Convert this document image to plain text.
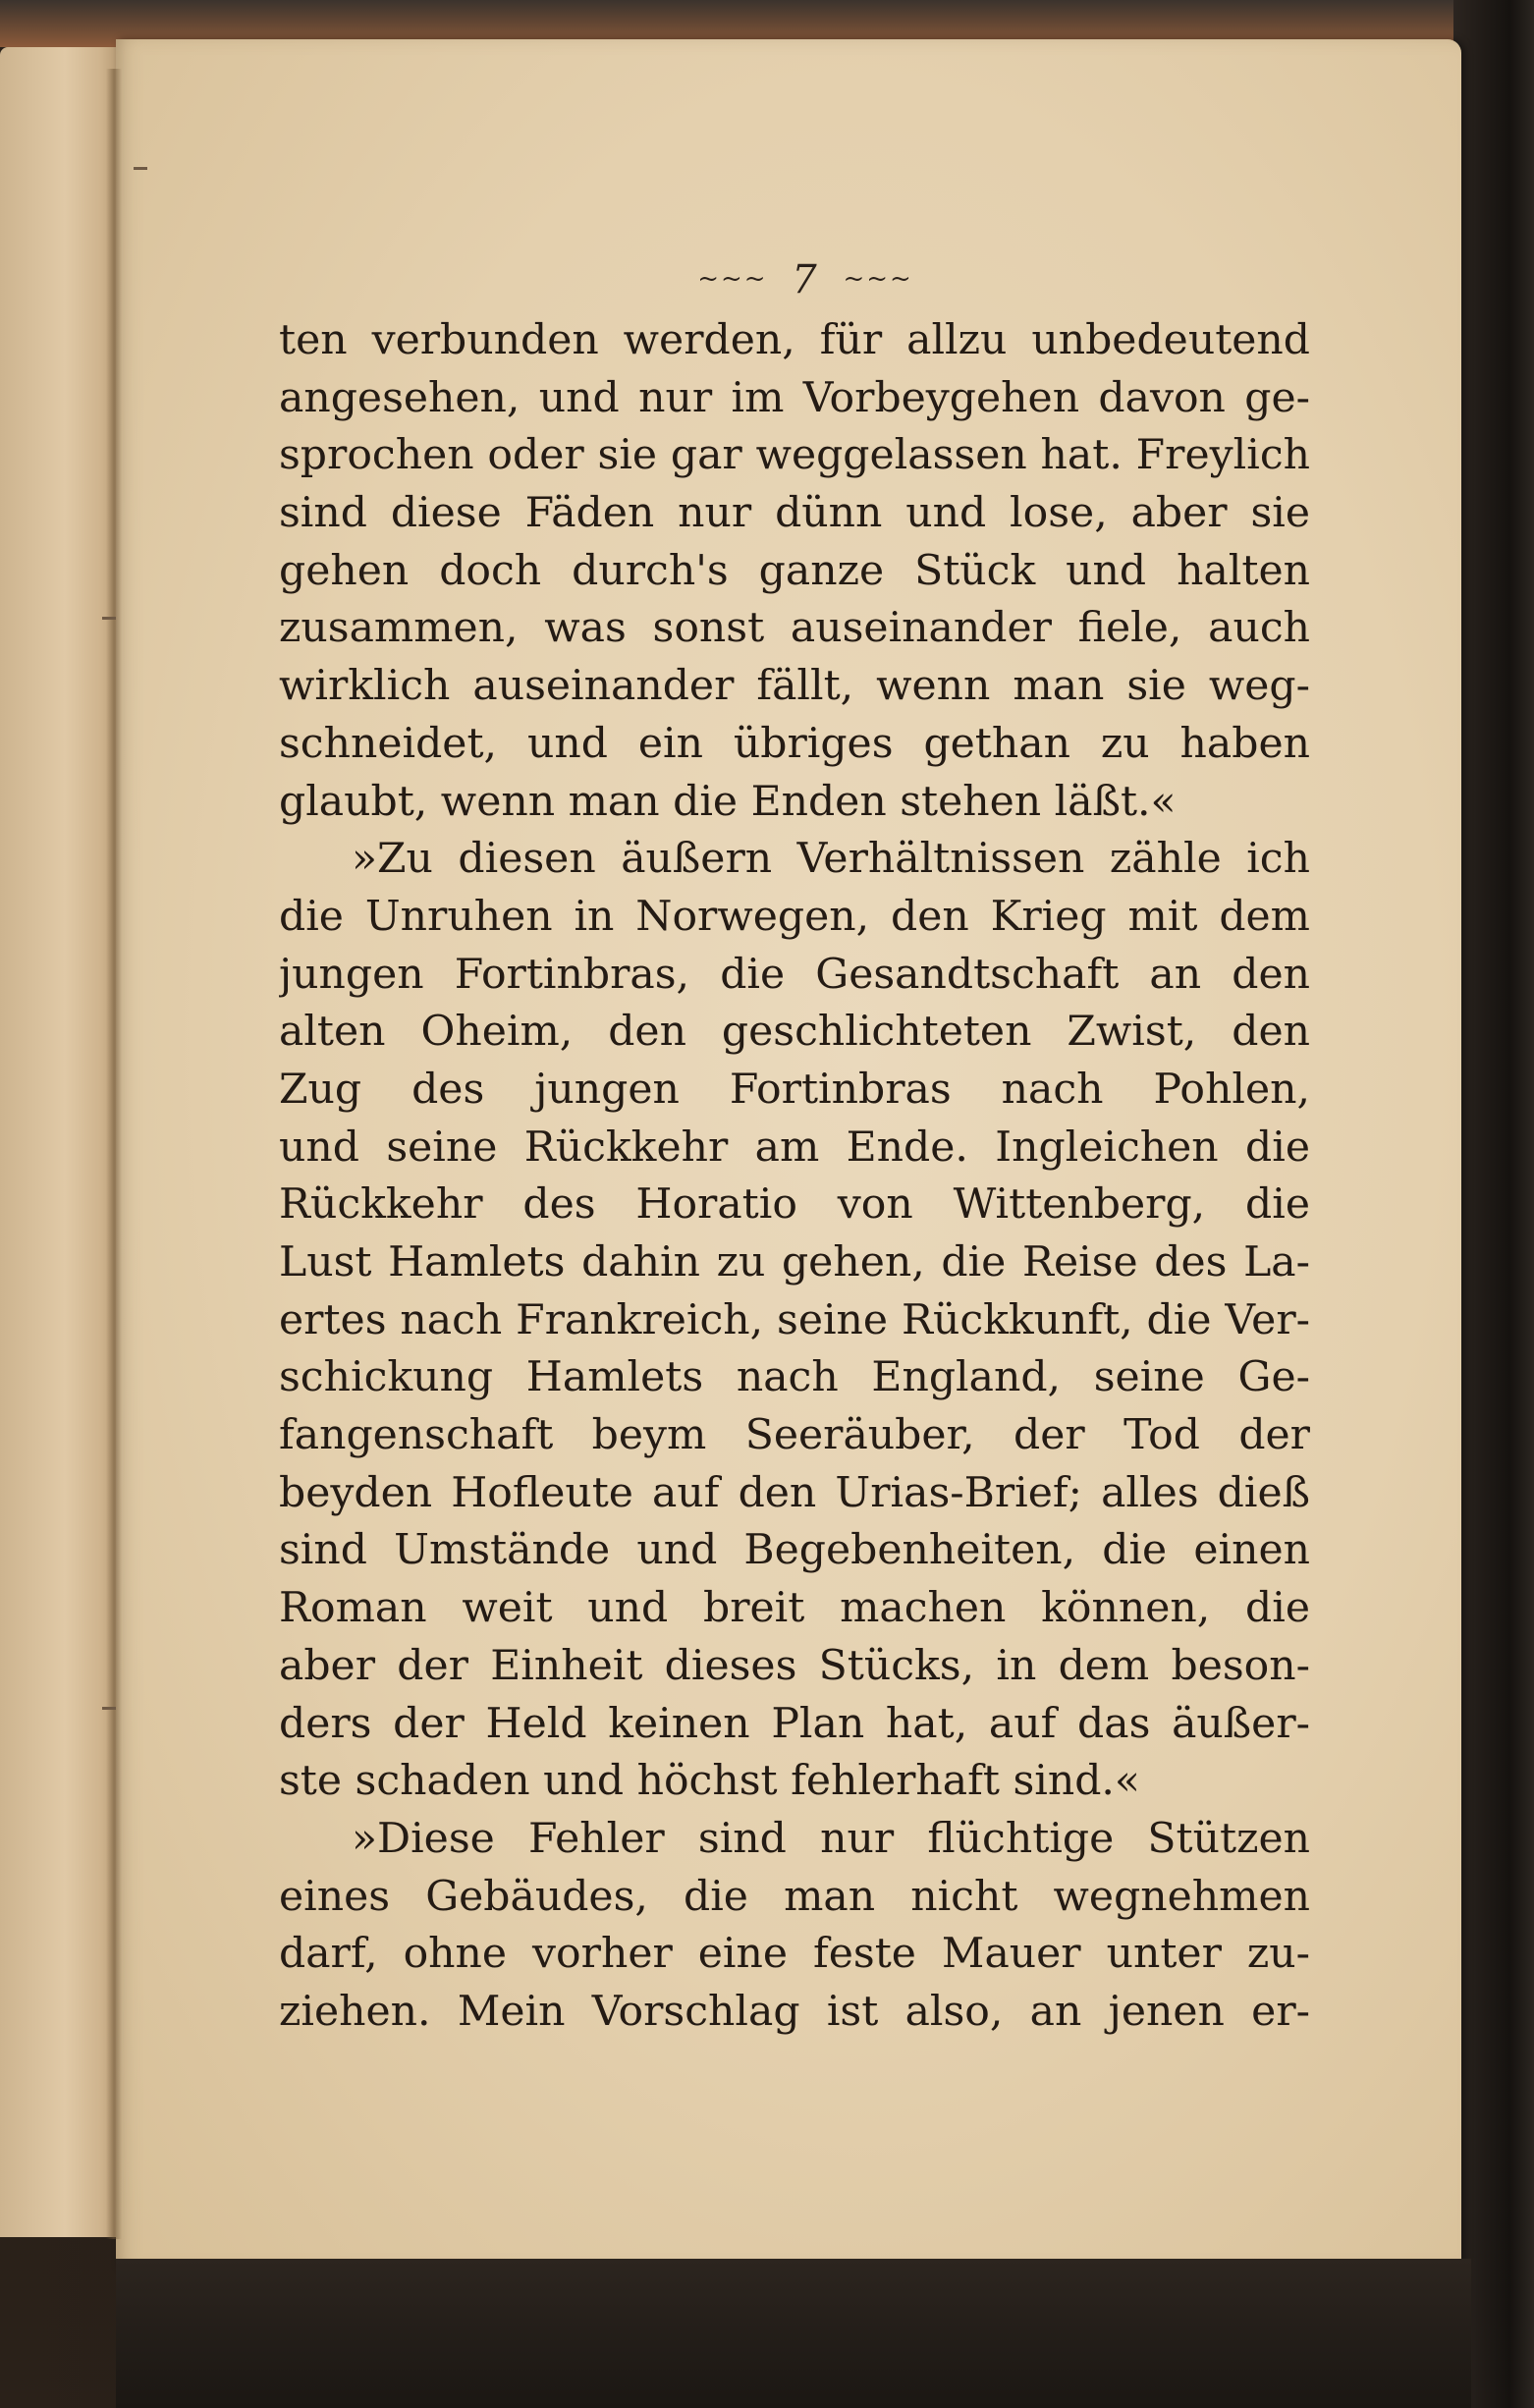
~~~ 7 ~~~
ten verbunden werden, für allzu unbedeutend
angesehen, und nur im Vorbeygehen davon ge-
sprochen oder sie gar weggelassen hat. Freylich
sind diese Fäden nur dünn und lose, aber sie
gehen doch durch's ganze Stück und halten
zusammen, was sonst auseinander fiele, auch
wirklich auseinander fällt, wenn man sie weg-
schneidet, und ein übriges gethan zu haben
glaubt, wenn man die Enden stehen läßt.«
»Zu diesen äußern Verhältnissen zähle ich
die Unruhen in Norwegen, den Krieg mit dem
jungen Fortinbras, die Gesandtschaft an den
alten Oheim, den geschlichteten Zwist, den
Zug des jungen Fortinbras nach Pohlen,
und seine Rückkehr am Ende. Ingleichen die
Rückkehr des Horatio von Wittenberg, die
Lust Hamlets dahin zu gehen, die Reise des La-
ertes nach Frankreich, seine Rückkunft, die Ver-
schickung Hamlets nach England, seine Ge-
fangenschaft beym Seeräuber, der Tod der
beyden Hofleute auf den Urias-Brief; alles dieß
sind Umstände und Begebenheiten, die einen
Roman weit und breit machen können, die
aber der Einheit dieses Stücks, in dem beson-
ders der Held keinen Plan hat, auf das äußer-
ste schaden und höchst fehlerhaft sind.«
»Diese Fehler sind nur flüchtige Stützen
eines Gebäudes, die man nicht wegnehmen
darf, ohne vorher eine feste Mauer unter zu-
ziehen. Mein Vorschlag ist also, an jenen er-
